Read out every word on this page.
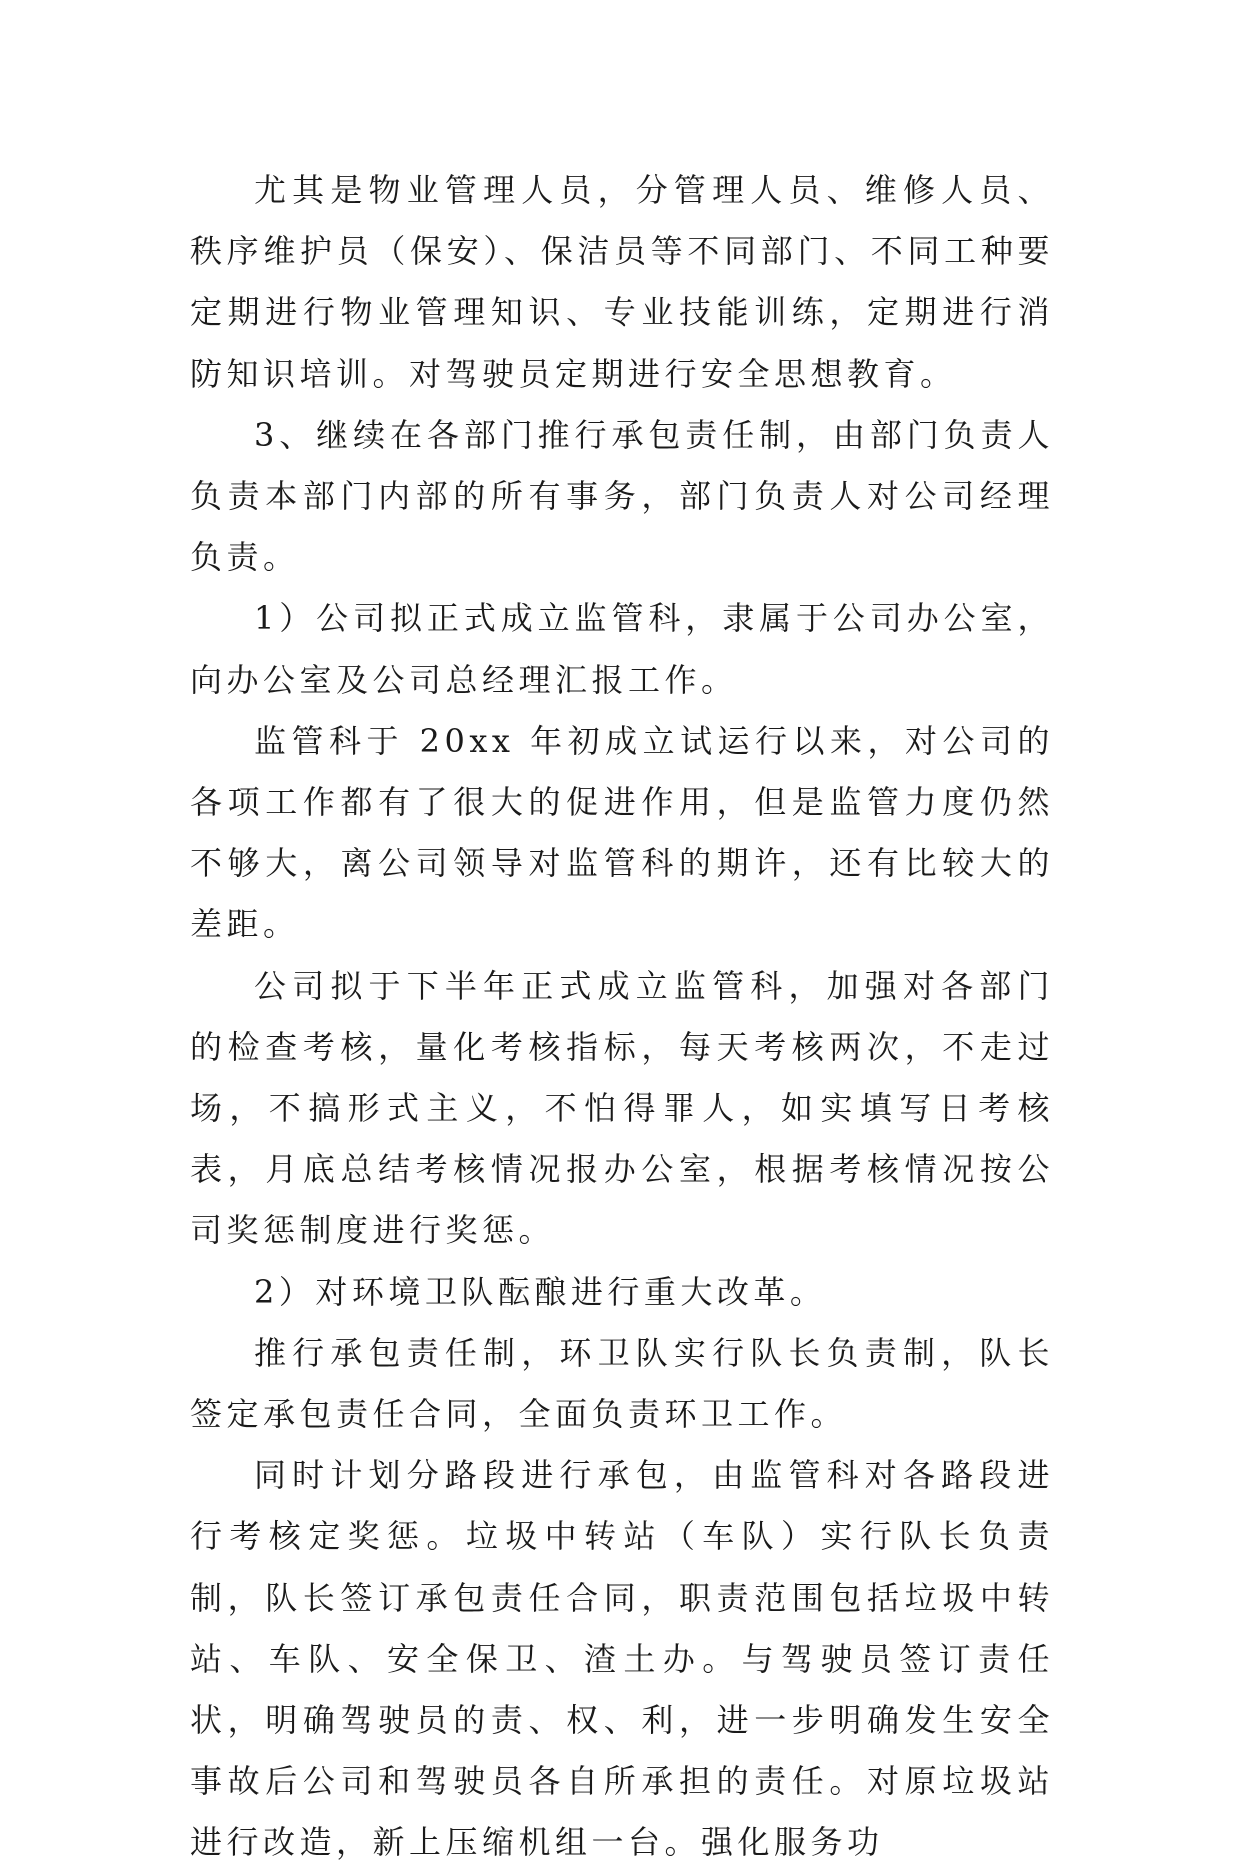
尤其是物业管理人员，分管理人员、维修人员、秩序维护员（保安）、保洁员等不同部门、不同工种要定期进行物业管理知识、专业技能训练，定期进行消防知识培训。对驾驶员定期进行安全思想教育。

3、继续在各部门推行承包责任制，由部门负责人负责本部门内部的所有事务，部门负责人对公司经理负责。

1）公司拟正式成立监管科，隶属于公司办公室，向办公室及公司总经理汇报工作。

监管科于 20xx 年初成立试运行以来，对公司的各项工作都有了很大的促进作用，但是监管力度仍然不够大，离公司领导对监管科的期许，还有比较大的差距。

公司拟于下半年正式成立监管科，加强对各部门的检查考核，量化考核指标，每天考核两次，不走过场，不搞形式主义，不怕得罪人，如实填写日考核表，月底总结考核情况报办公室，根据考核情况按公司奖惩制度进行奖惩。

2）对环境卫队酝酿进行重大改革。

推行承包责任制，环卫队实行队长负责制，队长签定承包责任合同，全面负责环卫工作。

同时计划分路段进行承包，由监管科对各路段进行考核定奖惩。垃圾中转站（车队）实行队长负责制，队长签订承包责任合同，职责范围包括垃圾中转站、车队、安全保卫、渣土办。与驾驶员签订责任状，明确驾驶员的责、权、利，进一步明确发生安全事故后公司和驾驶员各自所承担的责任。对原垃圾站进行改造，新上压缩机组一台。强化服务功
